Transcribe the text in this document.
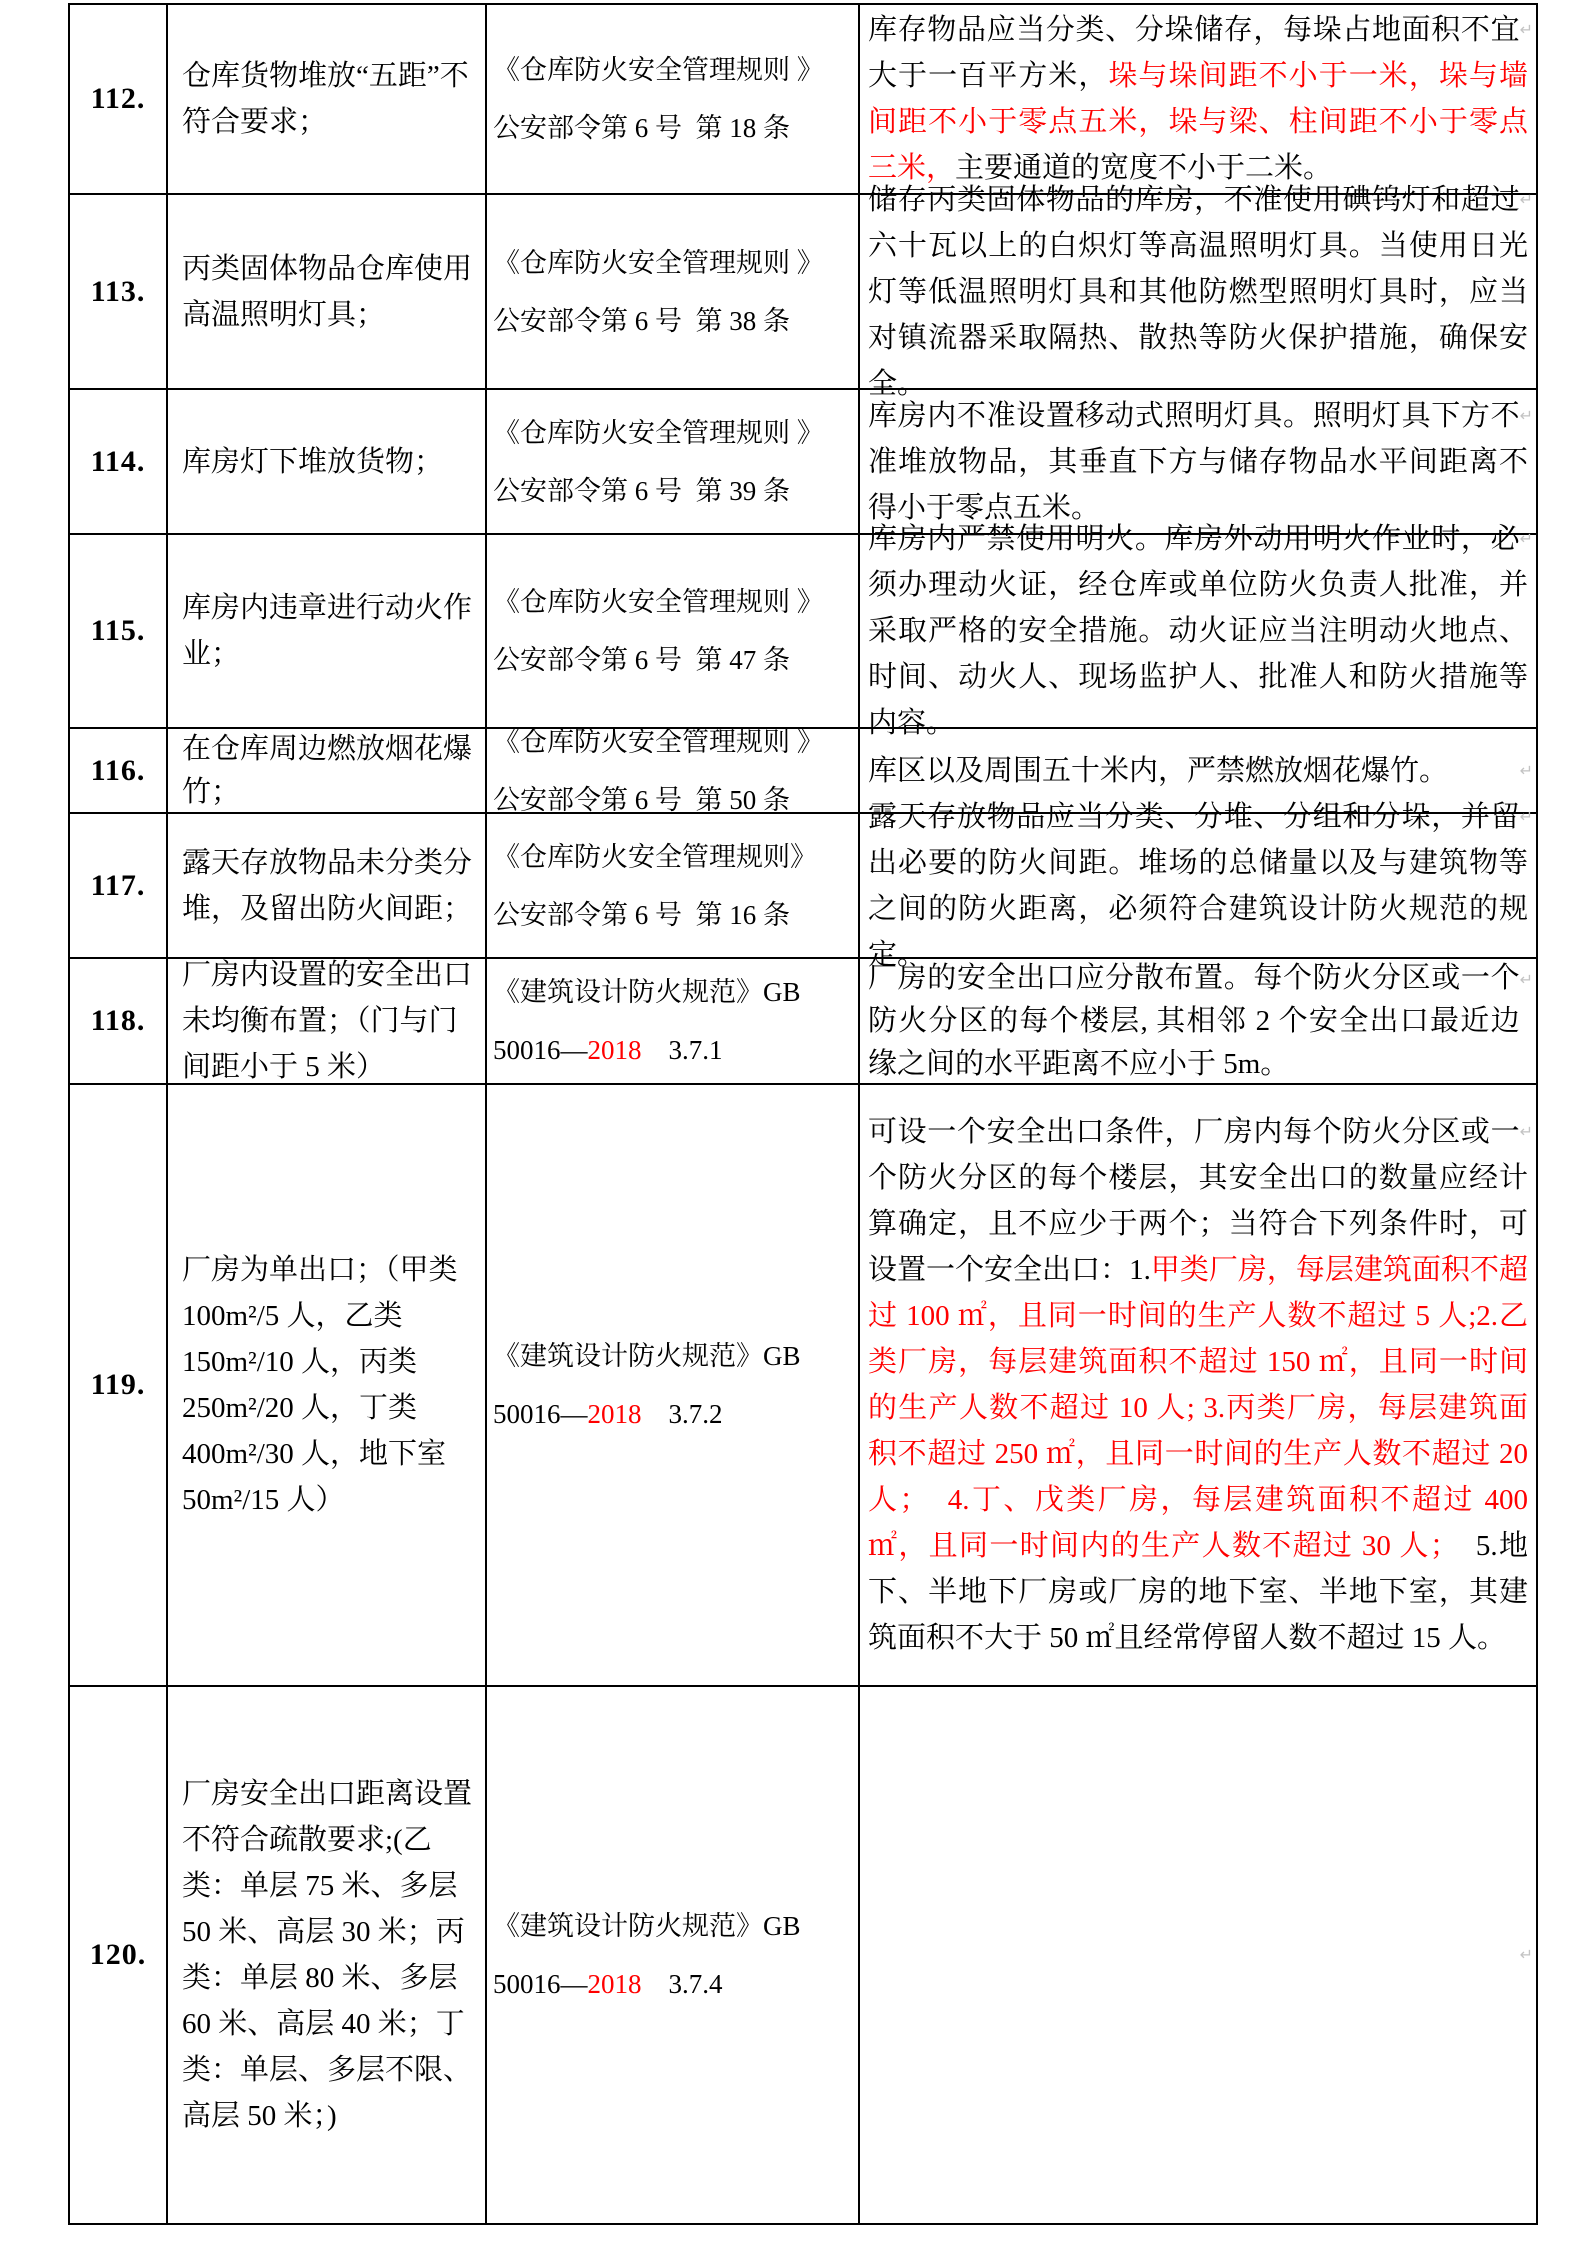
112.
仓库货物堆放“五距”不符合要求；
《仓库防火安全管理规则 》
公安部令第 6 号  第 18 条
↵
库存物品应当分类、分垛储存，每垛占地面积不宜大于一百平方米，垛与垛间距不小于一米，垛与墙间距不小于零点五米，垛与梁、柱间距不小于零点三米，主要通道的宽度不小于二米。
113.
丙类固体物品仓库使用高温照明灯具；
《仓库防火安全管理规则 》
公安部令第 6 号  第 38 条
↵
储存丙类固体物品的库房，不准使用碘钨灯和超过六十瓦以上的白炽灯等高温照明灯具。当使用日光灯等低温照明灯具和其他防燃型照明灯具时，应当对镇流器采取隔热、散热等防火保护措施，确保安全。
114.	库房灯下堆放货物；
《仓库防火安全管理规则 》
公安部令第 6 号  第 39 条
↵
库房内不准设置移动式照明灯具。照明灯具下方不准堆放物品，其垂直下方与储存物品水平间距离不得小于零点五米。
115.
库房内违章进行动火作业；
《仓库防火安全管理规则 》
公安部令第 6 号  第 47 条
↵
库房内严禁使用明火。库房外动用明火作业时，必须办理动火证，经仓库或单位防火负责人批准，并采取严格的安全措施。动火证应当注明动火地点、时间、动火人、现场监护人、批准人和防火措施等内容。
116.
在仓库周边燃放烟花爆竹；
《仓库防火安全管理规则 》
公安部令第 6 号  第 50 条
↵
库区以及周围五十米内，严禁燃放烟花爆竹。
117.
露天存放物品未分类分堆，及留出防火间距；
《仓库防火安全管理规则》
公安部令第 6 号  第 16 条
↵
露天存放物品应当分类、分堆、分组和分垛，并留出必要的防火间距。堆场的总储量以及与建筑物等之间的防火距离，必须符合建筑设计防火规范的规定。
118.
厂房内设置的安全出口未均衡布置；（门与门间距小于 5 米）
《建筑设计防火规范》GB
50016—2018    3.7.1
↵
厂房的安全出口应分散布置。每个防火分区或一个防火分区的每个楼层, 其相邻 2 个安全出口最近边缘之间的水平距离不应小于 5m。
119.
厂房为单出口；（甲类 100m²/5 人，乙类 150m²/10 人，丙类 250m²/20 人，丁类 400m²/30 人，地下室 50m²/15 人）
《建筑设计防火规范》GB
50016—2018    3.7.2
↵
可设一个安全出口条件，厂房内每个防火分区或一个防火分区的每个楼层，其安全出口的数量应经计算确定，且不应少于两个；当符合下列条件时，可设置一个安全出口：1.甲类厂房，每层建筑面积不超过 100 ㎡，且同一时间的生产人数不超过 5 人;2.乙类厂房，每层建筑面积不超过 150 ㎡，且同一时间的生产人数不超过 10 人; 3.丙类厂房，每层建筑面积不超过 250 ㎡，且同一时间的生产人数不超过 20 人；  4.丁、戊类厂房，每层建筑面积不超过 400 ㎡，且同一时间内的生产人数不超过 30 人；  5.地下、半地下厂房或厂房的地下室、半地下室，其建筑面积不大于 50 ㎡且经常停留人数不超过 15 人。
120.
厂房安全出口距离设置不符合疏散要求;(乙类：单层 75 米、多层 50 米、高层 30 米；丙类：单层 80 米、多层 60 米、高层 40 米；丁类：单层、多层不限、高层 50 米；)
《建筑设计防火规范》GB
50016—2018    3.7.4
↵
